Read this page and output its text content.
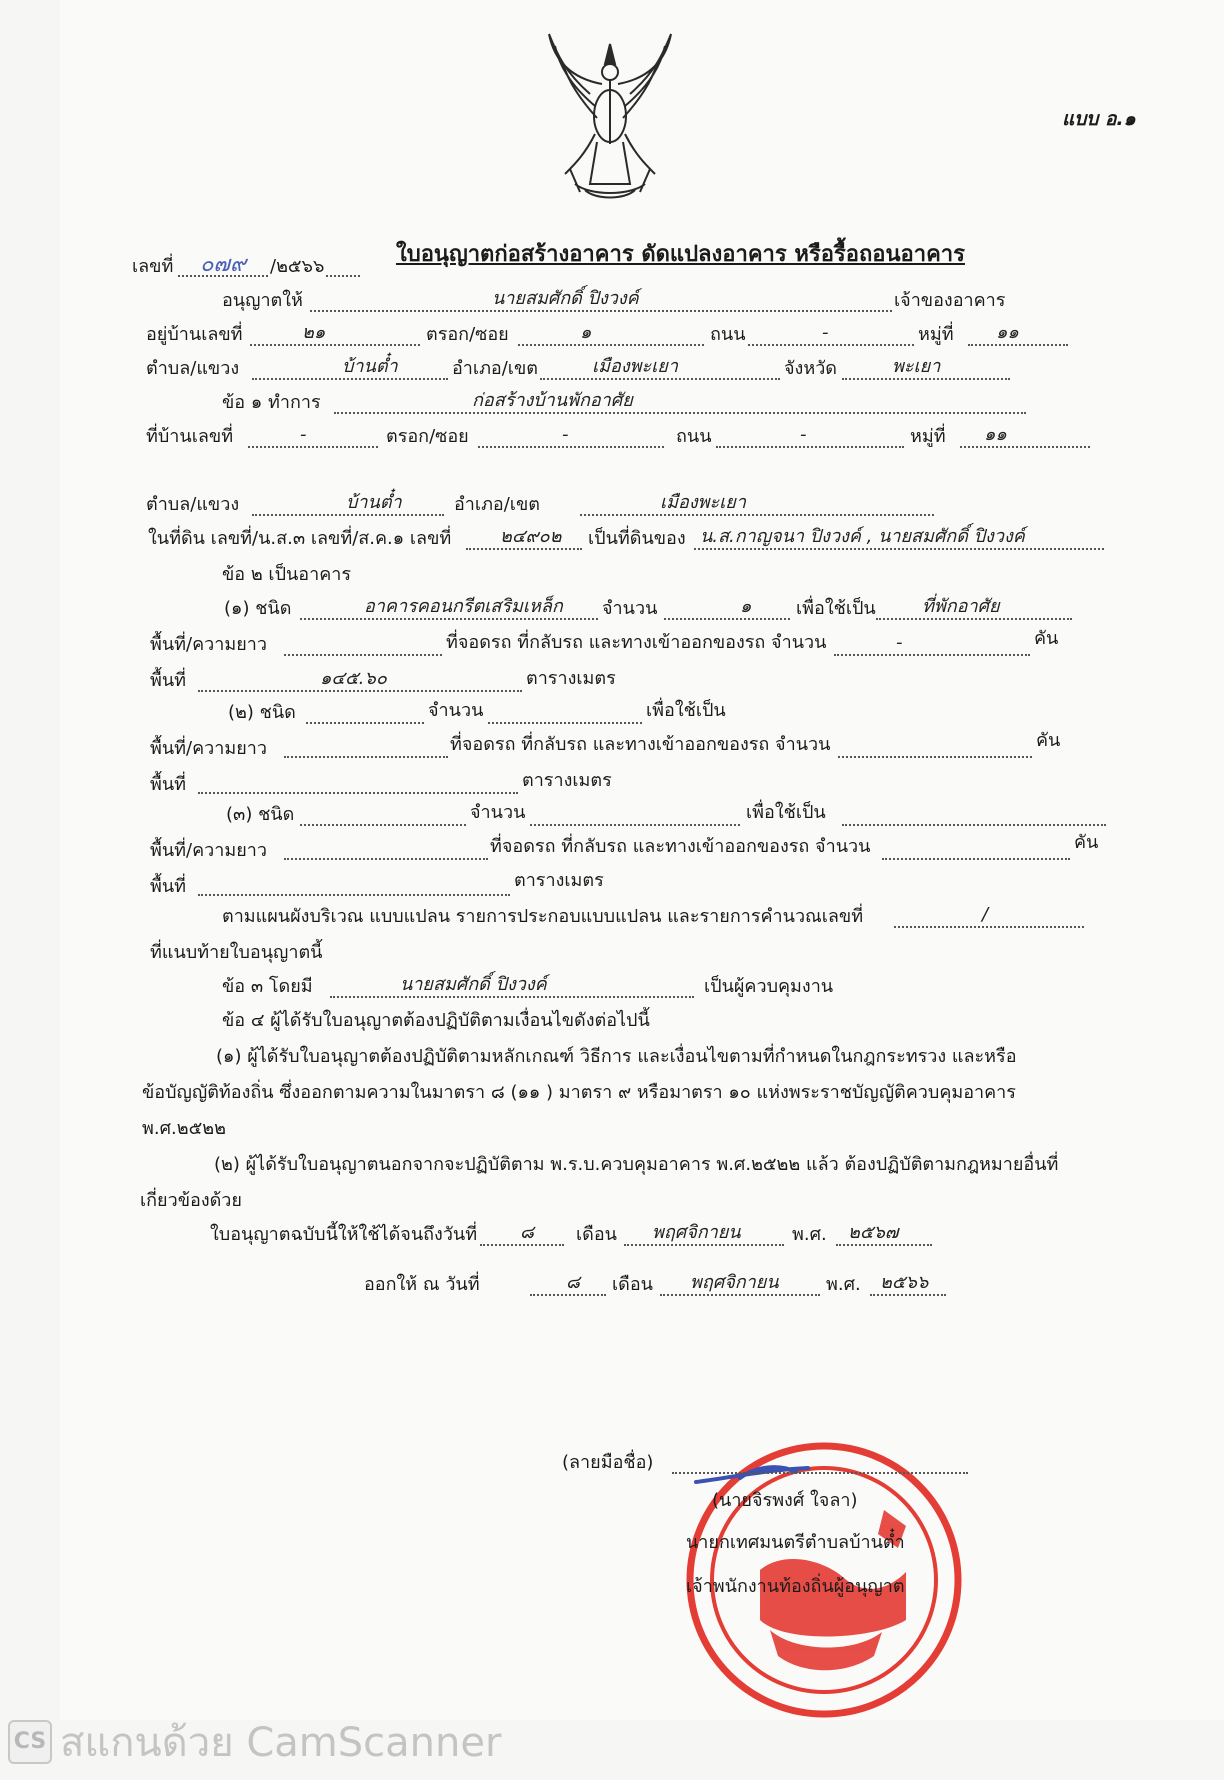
แบบ อ.๑
ใบอนุญาตก่อสร้างอาคาร ดัดแปลงอาคาร หรือรื้อถอนอาคาร
เลขที่ ๐๗๙ /๒๕๖๖
อนุญาตให้	นายสมศักดิ์ ปิงวงค์	เจ้าของอาคาร
อยู่บ้านเลขที่	๒๑	ตรอก/ซอย	๑	ถนน	-	หมู่ที่ ๑๑
ตำบล/แขวง	บ้านต๋ำ	อำเภอ/เขต	เมืองพะเยา	จังหวัด	พะเยา
ข้อ ๑ ทำการ	ก่อสร้างบ้านพักอาศัย
ที่บ้านเลขที่	-	ตรอก/ซอย	-	ถนน	-	หมู่ที่ ๑๑
ตำบล/แขวง	บ้านต๋ำ	อำเภอ/เขต	เมืองพะเยา
ในที่ดิน เลขที่/น.ส.๓ เลขที่/ส.ค.๑ เลขที่	๒๔๙๐๒ เป็นที่ดินของ น.ส.กาญจนา ปิงวงค์ , นายสมศักดิ์ ปิงวงค์
ข้อ ๒ เป็นอาคาร
(๑) ชนิด	อาคารคอนกรีตเสริมเหล็ก จำนวน	๑ เพื่อใช้เป็น	ที่พักอาศัย
พื้นที่/ความยาว	ที่จอดรถ ที่กลับรถ และทางเข้าออกของรถ จำนวน	-	คัน
พื้นที่	๑๔๕.๖๐	ตารางเมตร
(๒) ชนิด	จำนวน	เพื่อใช้เป็น
พื้นที่/ความยาว	ที่จอดรถ ที่กลับรถ และทางเข้าออกของรถ จำนวน	คัน
พื้นที่	ตารางเมตร
(๓) ชนิด	จำนวน	เพื่อใช้เป็น
พื้นที่/ความยาว	ที่จอดรถ ที่กลับรถ และทางเข้าออกของรถ จำนวน	คัน
พื้นที่	ตารางเมตร
ตามแผนผังบริเวณ แบบแปลน รายการประกอบแบบแปลน และรายการคำนวณเลขที่	/
ที่แนบท้ายใบอนุญาตนี้
ข้อ ๓ โดยมี	นายสมศักดิ์ ปิงวงค์	เป็นผู้ควบคุมงาน
ข้อ ๔ ผู้ได้รับใบอนุญาตต้องปฏิบัติตามเงื่อนไขดังต่อไปนี้
(๑) ผู้ได้รับใบอนุญาตต้องปฏิบัติตามหลักเกณฑ์ วิธีการ และเงื่อนไขตามที่กำหนดในกฎกระทรวง และหรือ
ข้อบัญญัติท้องถิ่น ซึ่งออกตามความในมาตรา ๘ (๑๑ ) มาตรา ๙ หรือมาตรา ๑๐ แห่งพระราชบัญญัติควบคุมอาคาร
พ.ศ.๒๕๒๒
(๒) ผู้ได้รับใบอนุญาตนอกจากจะปฏิบัติตาม พ.ร.บ.ควบคุมอาคาร พ.ศ.๒๕๒๒ แล้ว ต้องปฏิบัติตามกฎหมายอื่นที่
เกี่ยวข้องด้วย
ใบอนุญาตฉบับนี้ให้ใช้ได้จนถึงวันที่ ๘ เดือน พฤศจิกายน	พ.ศ. ๒๕๖๗
ออกให้ ณ วันที่	๘ เดือน พฤศจิกายน	พ.ศ. ๒๕๖๖
(ลายมือชื่อ)
(นายจิรพงศ์ ใจลา)
นายกเทศมนตรีตำบลบ้านต๋ำ
เจ้าพนักงานท้องถิ่นผู้อนุญาต
CS สแกนด้วย CamScanner
